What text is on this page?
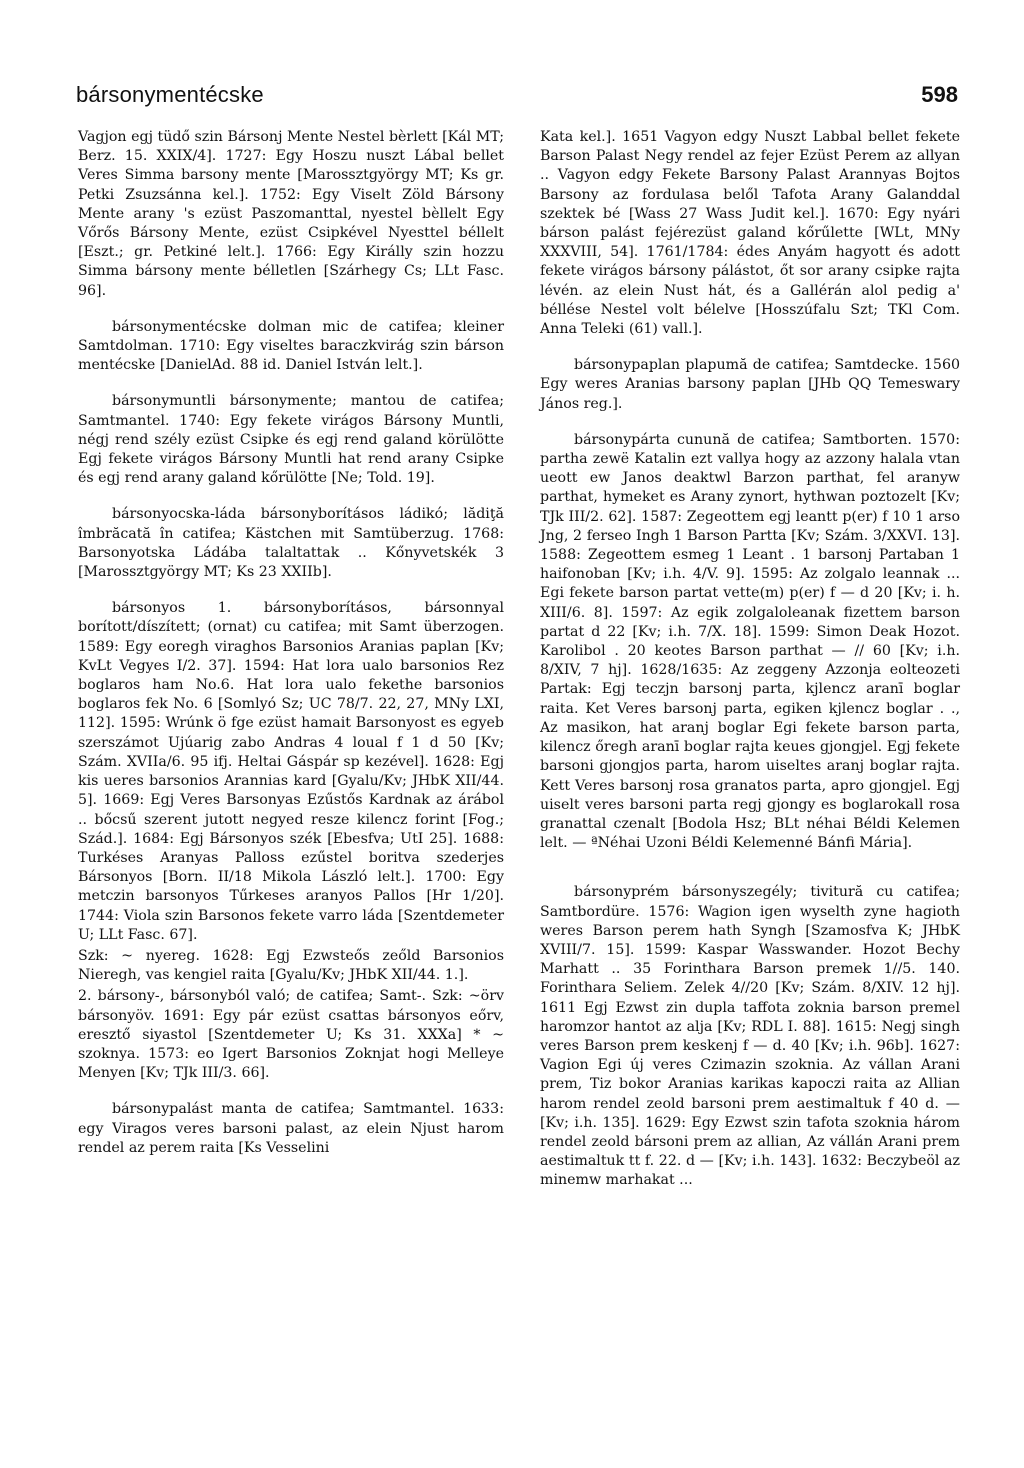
bársonymentécske	598

Vagjon egj tüdő szin Bársonj Mente Nestel bèrlett [Kál MT; Berz. 15. XXIX/4]. 1727: Egy Hoszu nuszt Lábal bellet Veres Simma barsony mente [Marossztgyörgy MT; Ks gr. Petki Zsuzsánna kel.]. 1752: Egy Viselt Zöld Bársony Mente arany 's ezüst Paszomanttal, nyestel bèllelt Egy Vőrős Bársony Mente, ezüst Csipkével Nyesttel béllelt [Eszt.; gr. Petkiné lelt.]. 1766: Egy Királly szin hozzu Simma bársony mente bélletlen [Szárhegy Cs; LLt Fasc. 96].

bársonymentécske dolman mic de catifea; kleiner Samtdolman. 1710: Egy viseltes baraczkvirág szin bárson mentécske [DanielAd. 88 id. Daniel István lelt.].

bársonymuntli bársonymente; mantou de catifea; Samtmantel. 1740: Egy fekete virágos Bársony Muntli, négj rend szély ezüst Csipke és egj rend galand körülötte Egj fekete virágos Bársony Muntli hat rend arany Csipke és egj rend arany galand kőrülötte [Ne; Told. 19].

bársonyocska-láda bársonyborításos ládikó; lădiţă îmbrăcată în catifea; Kästchen mit Samtüberzug. 1768: Barsonyotska Ládába talaltattak .. Kőnyvetskék 3 [Marossztgyörgy MT; Ks 23 XXIIb].

bársonyos 1. bársonyborításos, bársonnyal borított/díszített; (ornat) cu catifea; mit Samt überzogen. 1589: Egy eoregh viraghos Barsonios Aranias paplan [Kv; KvLt Vegyes I/2. 37]. 1594: Hat lora ualo barsonios Rez boglaros ham No.6. Hat lora ualo fekethe barsonios boglaros fek No. 6 [Somlyó Sz; UC 78/7. 22, 27, MNy LXI, 112]. 1595: Wrúnk ö fge ezüst hamait Barsonyost es egyeb szerszámot Ujúarig zabo Andras 4 loual f 1 d 50 [Kv; Szám. XVIIa/6. 95 ifj. Heltai Gáspár sp kezével]. 1628: Egj kis ueres barsonios Arannias kard [Gyalu/Kv; JHbK XII/44. 5]. 1669: Egj Veres Barsonyas Ezűstős Kardnak az árábol .. bőcsű szerent jutott negyed resze kilencz forint [Fog.; Szád.]. 1684: Egj Bársonyos szék [Ebesfva; UtI 25]. 1688: Turkéses Aranyas Palloss ezűstel boritva szederjes Bársonyos [Born. II/18 Mikola László lelt.]. 1700: Egy metczin barsonyos Tűrkeses aranyos Pallos [Hr 1/20]. 1744: Viola szin Barsonos fekete varro láda [Szentdemeter U; LLt Fasc. 67].

Szk: ~ nyereg. 1628: Egj Ezwsteős zeőld Barsonios Nieregh, vas kengiel raita [Gyalu/Kv; JHbK XII/44. 1.].

2. bársony-, bársonyból való; de catifea; Samt-. Szk: ~örv bársonyöv. 1691: Egy pár ezüst csattas bársonyos eőrv, eresztő siyastol [Szentdemeter U; Ks 31. XXXa] * ~ szoknya. 1573: eo Igert Barsonios Zoknjat hogi Melleye Menyen [Kv; TJk III/3. 66].

bársonypalást manta de catifea; Samtmantel. 1633: egy Viragos veres barsoni palast, az elein Njust harom rendel az perem raita [Ks Vesselini

Kata kel.]. 1651 Vagyon edgy Nuszt Labbal bellet fekete Barson Palast Negy rendel az fejer Ezüst Perem az allyan .. Vagyon edgy Fekete Barsony Palast Arannyas Bojtos Barsony az fordulasa belől Tafota Arany Galanddal szektek bé [Wass 27 Wass Judit kel.]. 1670: Egy nyári bárson palást fejérezüst galand kőrűlette [WLt, MNy XXXVIII, 54]. 1761/1784: édes Anyám hagyott és adott fekete virágos bársony pálástot, őt sor arany csipke rajta lévén. az elein Nust hát, és a Gallérán alol pedig a' béllése Nestel volt bélelve [Hosszúfalu Szt; TKl Com. Anna Teleki (61) vall.].

bársonypaplan plapumă de catifea; Samtdecke. 1560 Egy weres Aranias barsony paplan [JHb QQ Temeswary János reg.].

bársonypárta cunună de catifea; Samtborten. 1570: partha zewë Katalin ezt vallya hogy az azzony halala vtan ueott ew Janos deaktwl Barzon parthat, fel aranyw parthat, hymeket es Arany zynort, hythwan poztozelt [Kv; TJk III/2. 62]. 1587: Zegeottem egj leantt p(er) f 10 1 arso Jng, 2 ferseo Ingh 1 Barson Partta [Kv; Szám. 3/XXVI. 13]. 1588: Zegeottem esmeg 1 Leant . 1 barsonj Partaban 1 haifonoban [Kv; i.h. 4/V. 9]. 1595: Az zolgalo leannak ... Egi fekete barson partat vette(m) p(er) f — d 20 [Kv; i. h. XIII/6. 8]. 1597: Az egik zolgaloleanak fizettem barson partat d 22 [Kv; i.h. 7/X. 18]. 1599: Simon Deak Hozot. Karolibol . 20 keotes Barson parthat — // 60 [Kv; i.h. 8/XIV, 7 hj]. 1628/1635: Az zeggeny Azzonja eolteozeti Partak: Egj teczjn barsonj parta, kjlencz aranī boglar raita. Ket Veres barsonj parta, egiken kjlencz boglar . ., Az masikon, hat aranj boglar Egi fekete barson parta, kilencz őregh aranī boglar rajta keues gjongjel. Egj fekete barsoni gjongjos parta, harom uiseltes aranj boglar rajta. Kett Veres barsonj rosa granatos parta, apro gjongjel. Egj uiselt veres barsoni parta regj gjongy es boglarokall rosa granattal czenalt [Bodola Hsz; BLt néhai Béldi Kelemen lelt. — ªNéhai Uzoni Béldi Kelemenné Bánfi Mária].

bársonyprém bársonyszegély; tivitură cu catifea; Samtbordüre. 1576: Wagion igen wyselth zyne hagioth weres Barson perem hath Syngh [Szamosfva K; JHbK XVIII/7. 15]. 1599: Kaspar Wasswander. Hozot Bechy Marhatt .. 35 Forinthara Barson premek 1//5. 140. Forinthara Seliem. Zelek 4//20 [Kv; Szám. 8/XIV. 12 hj]. 1611 Egj Ezwst zin dupla taffota zoknia barson premel haromzor hantot az alja [Kv; RDL I. 88]. 1615: Negj singh veres Barson prem keskenj f — d. 40 [Kv; i.h. 96b]. 1627: Vagion Egi új veres Czimazin szoknia. Az vállan Arani prem, Tiz bokor Aranias karikas kapoczi raita az Allian harom rendel zeold barsoni prem aestimaltuk f 40 d. — [Kv; i.h. 135]. 1629: Egy Ezwst szin tafota szoknia három rendel zeold bársoni prem az allian, Az vállán Arani prem aestimaltuk tt f. 22. d — [Kv; i.h. 143]. 1632: Beczybeöl az minemw marhakat ...
